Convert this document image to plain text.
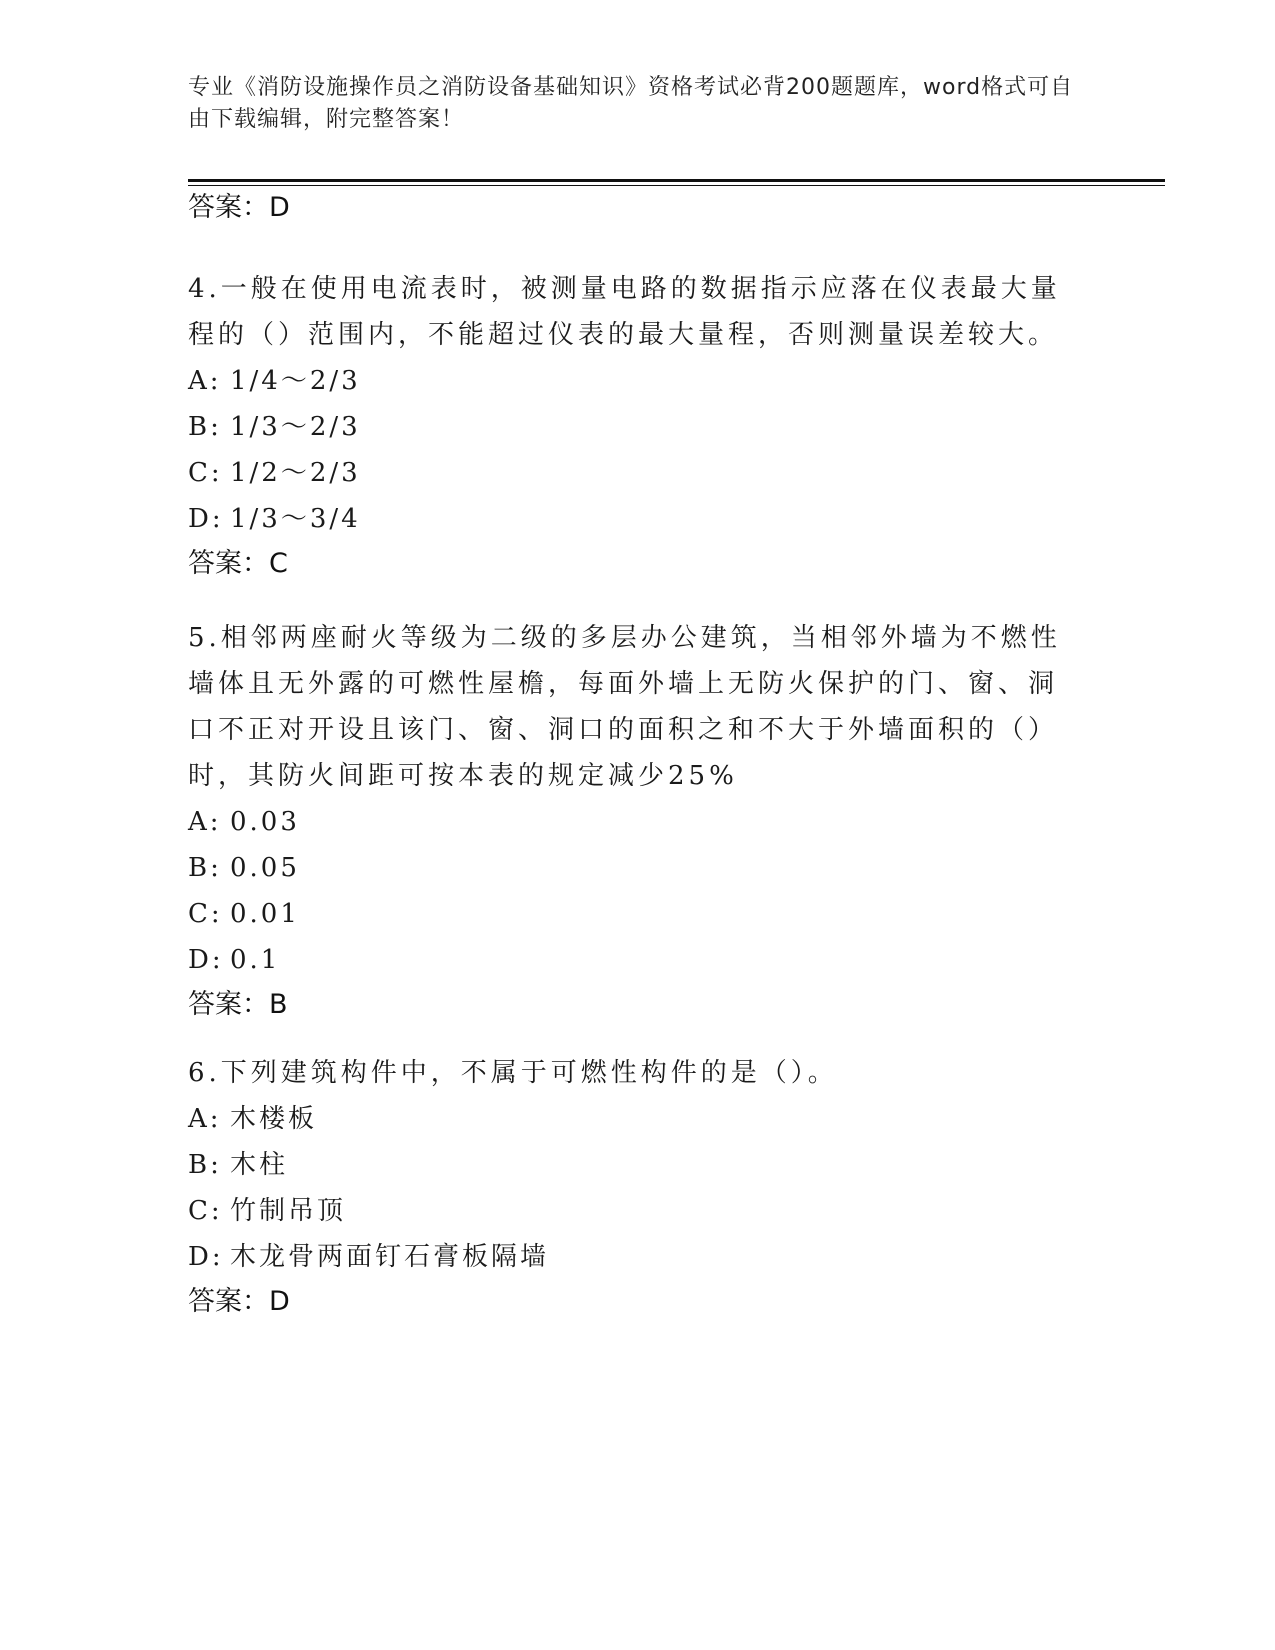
专业《消防设施操作员之消防设备基础知识》资格考试必背200题题库，word格式可自由下载编辑，附完整答案！
答案：D
4.一般在使用电流表时，被测量电路的数据指示应落在仪表最大量程的（）范围内，不能超过仪表的最大量程，否则测量误差较大。
A: 1/4～2/3
B: 1/3～2/3
C: 1/2～2/3
D: 1/3～3/4
答案：C
5.相邻两座耐火等级为二级的多层办公建筑，当相邻外墙为不燃性墙体且无外露的可燃性屋檐，每面外墙上无防火保护的门、窗、洞口不正对开设且该门、窗、洞口的面积之和不大于外墙面积的（）时，其防火间距可按本表的规定减少25%
A: 0.03
B: 0.05
C: 0.01
D: 0.1
答案：B
6.下列建筑构件中，不属于可燃性构件的是（）。
A: 木楼板
B: 木柱
C: 竹制吊顶
D: 木龙骨两面钉石膏板隔墙
答案：D
